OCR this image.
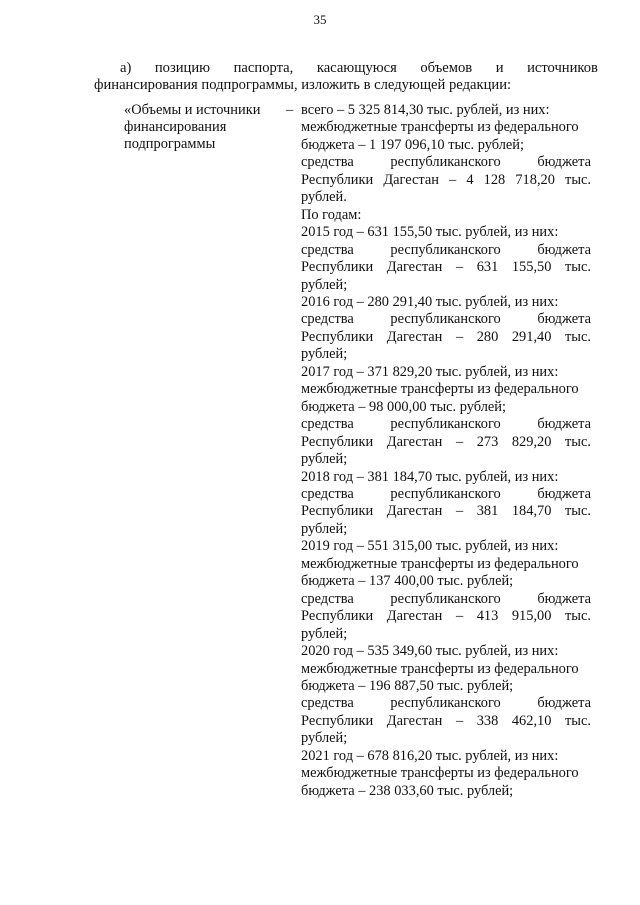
35
а) позицию паспорта, касающуюся объемов и источников
финансирования подпрограммы, изложить в следующей редакции:
«Объемы и источники
финансирования
подпрограммы
– всего – 5 325 814,30 тыс. рублей, из них:
межбюджетные трансферты из федерального
бюджета – 1 197 096,10 тыс. рублей;
средства	республиканского	бюджета
Республики Дагестан – 4 128 718,20 тыс.
рублей.
По годам:
2015 год – 631 155,50 тыс. рублей, из них:
средства	республиканского	бюджета
Республики Дагестан – 631 155,50 тыс.
рублей;
2016 год – 280 291,40 тыс. рублей, из них:
средства	республиканского	бюджета
Республики Дагестан – 280 291,40 тыс.
рублей;
2017 год – 371 829,20 тыс. рублей, из них:
межбюджетные трансферты из федерального
бюджета – 98 000,00 тыс. рублей;
средства	республиканского	бюджета
Республики Дагестан – 273 829,20 тыс.
рублей;
2018 год – 381 184,70 тыс. рублей, из них:
средства	республиканского	бюджета
Республики Дагестан – 381 184,70 тыс.
рублей;
2019 год – 551 315,00 тыс. рублей, из них:
межбюджетные трансферты из федерального
бюджета – 137 400,00 тыс. рублей;
средства	республиканского	бюджета
Республики Дагестан – 413 915,00 тыс.
рублей;
2020 год – 535 349,60 тыс. рублей, из них:
межбюджетные трансферты из федерального
бюджета – 196 887,50 тыс. рублей;
средства	республиканского	бюджета
Республики Дагестан – 338 462,10 тыс.
рублей;
2021 год – 678 816,20 тыс. рублей, из них:
межбюджетные трансферты из федерального
бюджета – 238 033,60 тыс. рублей;
